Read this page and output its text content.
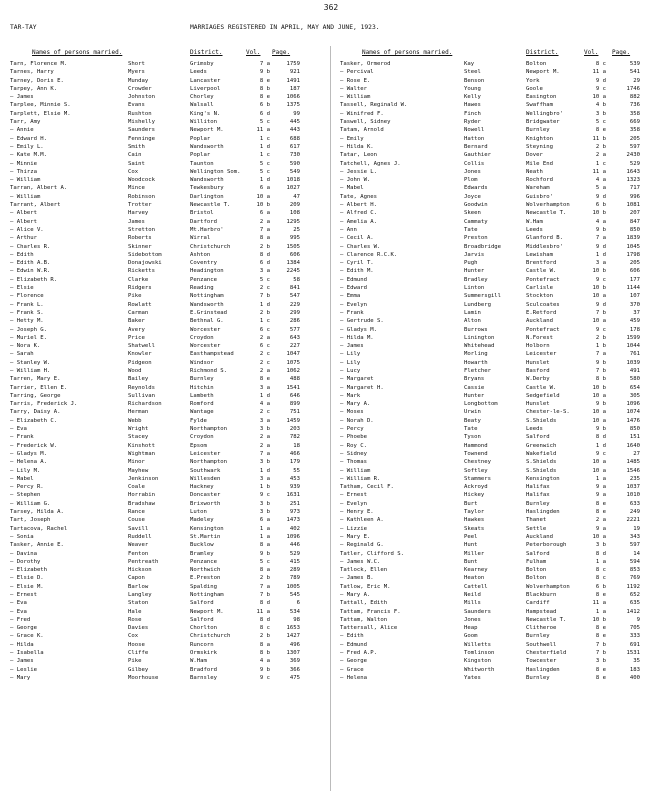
362
TAR-TAY	MARRIAGES REGISTERED IN APRIL, MAY AND JUNE, 1923.
Names of persons married.	District.	Vol. Page.	Names of persons married.	District.	Vol. Page.
Tarn, Florence M.	Short	Grimsby	7 a	1759
Tarnes, Harry	Myers	Leeds	9 b	921
Tarney, Doris E.	Munday	Lancaster	8 e	1491
Tarpey, Ann K.	Crowder	Liverpool	8 b	187
— James	Johnston	Chorley	8 e	1066
Tarplee, Minnie S.	Evans	Walsall	6 b	1375
Tarplett, Elsie M.	Rushton	King's N.	6 d	99
Tarr, Amy	Mishelly	Williton	5 c	445
— Annie	Saunders	Newport M.	11 a	443
— Edward H.	Fenninge	Poplar	1 c	688
— Emily L.	Smith	Wandsworth	1 d	617
— Kate M.M.	Cain	Poplar	1 c	730
— Minnie	Saint	Taunton	5 c	590
— Thirza	Cox	Wellington Som.	5 c	549
— William	Woodcock	Wandsworth	1 d	1018
Tarran, Albert A.	Mince	Tewkesbury	6 a	1027
— William	Robinson	Darlington	10 a	47
Tarrant, Albert	Trotter	Newcastle T.	10 b	209
— Albert	Harvey	Bristol	6 a	108
— Albert	James	Dartford	2 a	1295
— Alice V.	Stretton	Mt.Harbro'	7 a	25
— Arthur	Roberts	Wirral	8 a	995
— Charles R.	Skinner	Christchurch	2 b	1505
— Edith	Sidebottom	Ashton	8 d	606
— Edith A.B.	Donajowski	Coventry	6 d	1384
— Edwin W.R.	Ricketts	Headington	3 a	2245
— Elizabeth R.	Clarke	Penzance	5 c	58
— Elsie	Ridgers	Reading	2 c	841
— Florence	Pike	Nottingham	7 b	547
— Frank L.	Rowlatt	Wandsworth	1 d	229
— Frank S.	Carman	E.Grinstead	2 b	299
— Hetty M.	Baker	Bethnal G.	1 c	286
— Joseph G.	Avery	Worcester	6 c	577
— Muriel E.	Price	Croydon	2 a	643
— Nora K.	Shatwell	Worcester	6 c	227
— Sarah	Knowler	Easthampstead	2 c	1047
— Stanley W.	Pidgeon	Windsor	2 c	1075
— William H.	Wood	Richmond S.	2 a	1062
Tarren, Mary E.	Bailey	Burnley	8 e	488
Tarrier, Ellen E.	Reynolds	Hitchin	3 a	1541
Tarring, George	Sullivan	Lambeth	1 d	646
Tarris, Frederick J.	Richardson	Romford	4 a	899
Tarry, Daisy A.	Herman	Wantage	2 c	751
— Elizabeth C.	Webb	Fylde	3 a	1459
— Eva	Wright	Northampton	3 b	203
— Frank	Stacey	Croydon	2 a	782
— Frederick W.	Kinshott	Epsom	2 a	18
— Gladys M.	Wightman	Leicester	7 a	466
— Helena A.	Minor	Northampton	3 b	179
— Lily M.	Mayhew	Southwark	1 d	55
— Mabel	Jenkinson	Willesden	3 a	453
— Percy R.	Coale	Hackney	1 b	939
— Stephen	Horrabin	Doncaster	9 c	1631
— William G.	Bradshaw	Brixworth	3 b	251
Tarsey, Hilda A.	Rance	Luton	3 b	973
Tart, Joseph	Couse	Madeley	6 a	1473
Tartacova, Rachel	Savill	Kensington	1 a	402
— Sonia	Ruddell	St.Martin	1 a	1096
Tasker, Annie E.	Weaver	Bucklow	8 a	446
— Davina	Fenton	Bramley	9 b	529
— Dorothy	Pentreath	Penzance	5 c	415
— Elizabeth	Hickson	Northwich	8 a	289
— Elsie D.	Capon	E.Preston	2 b	789
— Elsie M.	Barlow	Spalding	7 a	1005
— Ernest	Langley	Nottingham	7 b	545
— Eva	Staton	Salford	8 d	6
— Eva	Hale	Newport M.	11 a	534
— Fred	Rose	Salford	8 d	98
— George	Davies	Chorlton	8 c	1653
— Grace K.	Cox	Christchurch	2 b	1427
— Hilda	Hoose	Runcorn	8 a	496
— Isabella	Cliffe	Ormskirk	8 b	1307
— James	Pike	W.Ham	4 a	369
— Leslie	Gilbey	Bradford	9 b	366
— Mary	Moorhouse	Barnsley	9 c	475
Tasker, Ormerod	Kay	Bolton	8 c	539
— Percival	Steel	Newport M.	11 a	541
— Rose E.	Benson	York	9 d	29
— Walter	Young	Goole	9 c	1746
— William	Kelly	Easington	10 a	882
Tassell, Reginald W.	Hawes	Swaffham	4 b	736
— Winifred F.	Finch	Wellingbro'	3 b	358
Taswell, Sidney	Ryder	Bridgwater	5 c	669
Tatam, Arnold	Nowell	Burnley	8 e	358
— Emily	Hatton	Knighton	11 b	205
— Hilda K.	Bernard	Steyning	2 b	597
Tatar, Leon	Gauthier	Dover	2 a	2430
Tatchell, Agnes J.	Collis	Mile End	1 c	529
— Jessie L.	Jones	Neath	11 a	1643
— John W.	Plom	Rochford	4 a	1323
— Mabel	Edwards	Wareham	5 a	717
Tate, Agnes	Joyce	Guisbro'	9 d	996
— Albert H.	Goodwin	Wolverhampton	6 b	1081
— Alfred C.	Skeen	Newcastle T.	10 b	207
— Amelia A.	Cammaty	W.Ham	4 a	847
— Ann	Tate	Leeds	9 b	850
— Cecil A.	Preston	Glanford B.	7 a	1839
— Charles W.	Broadbridge	Middlesbro'	9 d	1045
— Clarence R.C.K.	Jarvis	Lewisham	1 d	1798
— Cyril T.	Pugh	Brentford	3 a	205
— Edith M.	Hunter	Castle W.	10 b	606
— Edmund	Bradley	Pontefract	9 c	177
— Edward	Linton	Carlisle	10 b	1144
— Emma	Summersgill	Stockton	10 a	107
— Evelyn	Lundberg	Sculcoates	9 d	370
— Frank	Lamin	E.Retford	7 b	37
— Gertrude S.	Alton	Auckland	10 a	459
— Gladys M.	Burrows	Pontefract	9 c	178
— Hilda M.	Linington	N.Forest	2 b	1599
— James	Whitehead	Holborn	1 b	1044
— Lily	Morling	Leicester	7 a	761
— Lily	Howarth	Hunslet	9 b	1039
— Lucy	Fletcher	Basford	7 b	491
— Margaret	Bryans	W.Derby	8 b	580
— Margaret H.	Cassie	Castle W.	10 b	654
— Mark	Hunter	Sedgefield	10 a	305
— Mary A.	Longbottom	Hunslet	9 b	1096
— Moses	Urwin	Chester-le-S.	10 a	1074
— Norah D.	Beaty	S.Shields	10 a	1476
— Percy	Tate	Leeds	9 b	850
— Phoebe	Tyson	Salford	8 d	151
— Roy C.	Hammond	Greenwich	1 d	1640
— Sidney	Townend	Wakefield	9 c	27
— Thomas	Chestney	S.Shields	10 a	1485
— William	Softley	S.Shields	10 a	1546
— William R.	Stammers	Kensington	1 a	235
Tatham, Cecil F.	Ackroyd	Halifax	9 a	1037
— Ernest	Hickey	Halifax	9 a	1010
— Evelyn	Burt	Burnley	8 e	633
— Henry E.	Taylor	Haslingden	8 e	249
— Kathleen A.	Hawkes	Thanet	2 a	2221
— Lizzie	Skeats	Settle	9 a	19
— Mary E.	Peel	Auckland	10 a	343
— Reginald G.	Hunt	Peterborough	3 b	597
Tatler, Clifford S.	Miller	Salford	8 d	14
— James W.C.	Bunt	Fulham	1 a	594
Tatlock, Ellen	Kearney	Bolton	8 c	853
— James B.	Heaton	Bolton	8 c	769
Tatlow, Eric M.	Cattell	Wolverhampton	6 b	1192
— Mary A.	Neild	Blackburn	8 e	652
Tattall, Edith	Mills	Cardiff	11 a	635
Tattam, Francis F.	Saunders	Hampstead	1 a	1412
Tattam, Walton	Jones	Newcastle T.	10 b	9
Tattersall, Alice	Heap	Clitheroe	8 e	705
— Edith	Goom	Burnley	8 e	333
— Edmund	Willetts	Southwell	7 b	691
— Fred A.P.	Tomlinson	Chesterfield	7 b	1531
— George	Kingston	Towcester	3 b	35
— Grace	Whitworth	Haslingden	8 e	183
— Helena	Yates	Burnley	8 e	400
